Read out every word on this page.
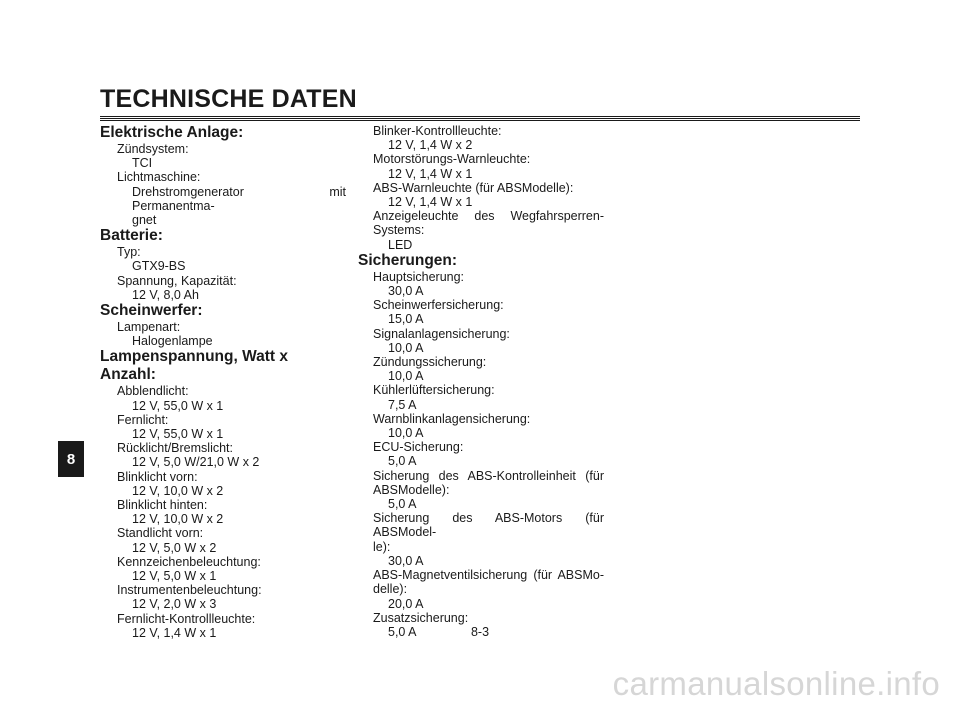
TECHNISCHE DATEN
Elektrische Anlage:
Zündsystem:
TCI
Lichtmaschine:
Drehstromgenerator mit Permanentma-
gnet
Batterie:
Typ:
GTX9-BS
Spannung, Kapazität:
12 V, 8,0 Ah
Scheinwerfer:
Lampenart:
Halogenlampe
Lampenspannung, Watt x Anzahl:
Abblendlicht:
12 V, 55,0 W x 1
Fernlicht:
12 V, 55,0 W x 1
Rücklicht/Bremslicht:
12 V, 5,0 W/21,0 W x 2
Blinklicht vorn:
12 V, 10,0 W x 2
Blinklicht hinten:
12 V, 10,0 W x 2
Standlicht vorn:
12 V, 5,0 W x 2
Kennzeichenbeleuchtung:
12 V, 5,0 W x 1
Instrumentenbeleuchtung:
12 V, 2,0 W x 3
Fernlicht-Kontrollleuchte:
12 V, 1,4 W x 1
Blinker-Kontrollleuchte:
12 V, 1,4 W x 2
Motorstörungs-Warnleuchte:
12 V, 1,4 W x 1
ABS-Warnleuchte (für ABSModelle):
12 V, 1,4 W x 1
Anzeigeleuchte des Wegfahrsperren-
Systems:
LED
Sicherungen:
Hauptsicherung:
30,0 A
Scheinwerfersicherung:
15,0 A
Signalanlagensicherung:
10,0 A
Zündungssicherung:
10,0 A
Kühlerlüftersicherung:
7,5 A
Warnblinkanlagensicherung:
10,0 A
ECU-Sicherung:
5,0 A
Sicherung des ABS-Kontrolleinheit (für
ABSModelle):
5,0 A
Sicherung des ABS-Motors (für ABSModel-
le):
30,0 A
ABS-Magnetventilsicherung (für ABSMo-
delle):
20,0 A
Zusatzsicherung:
5,0 A
8
8-3
carmanualsonline.info
